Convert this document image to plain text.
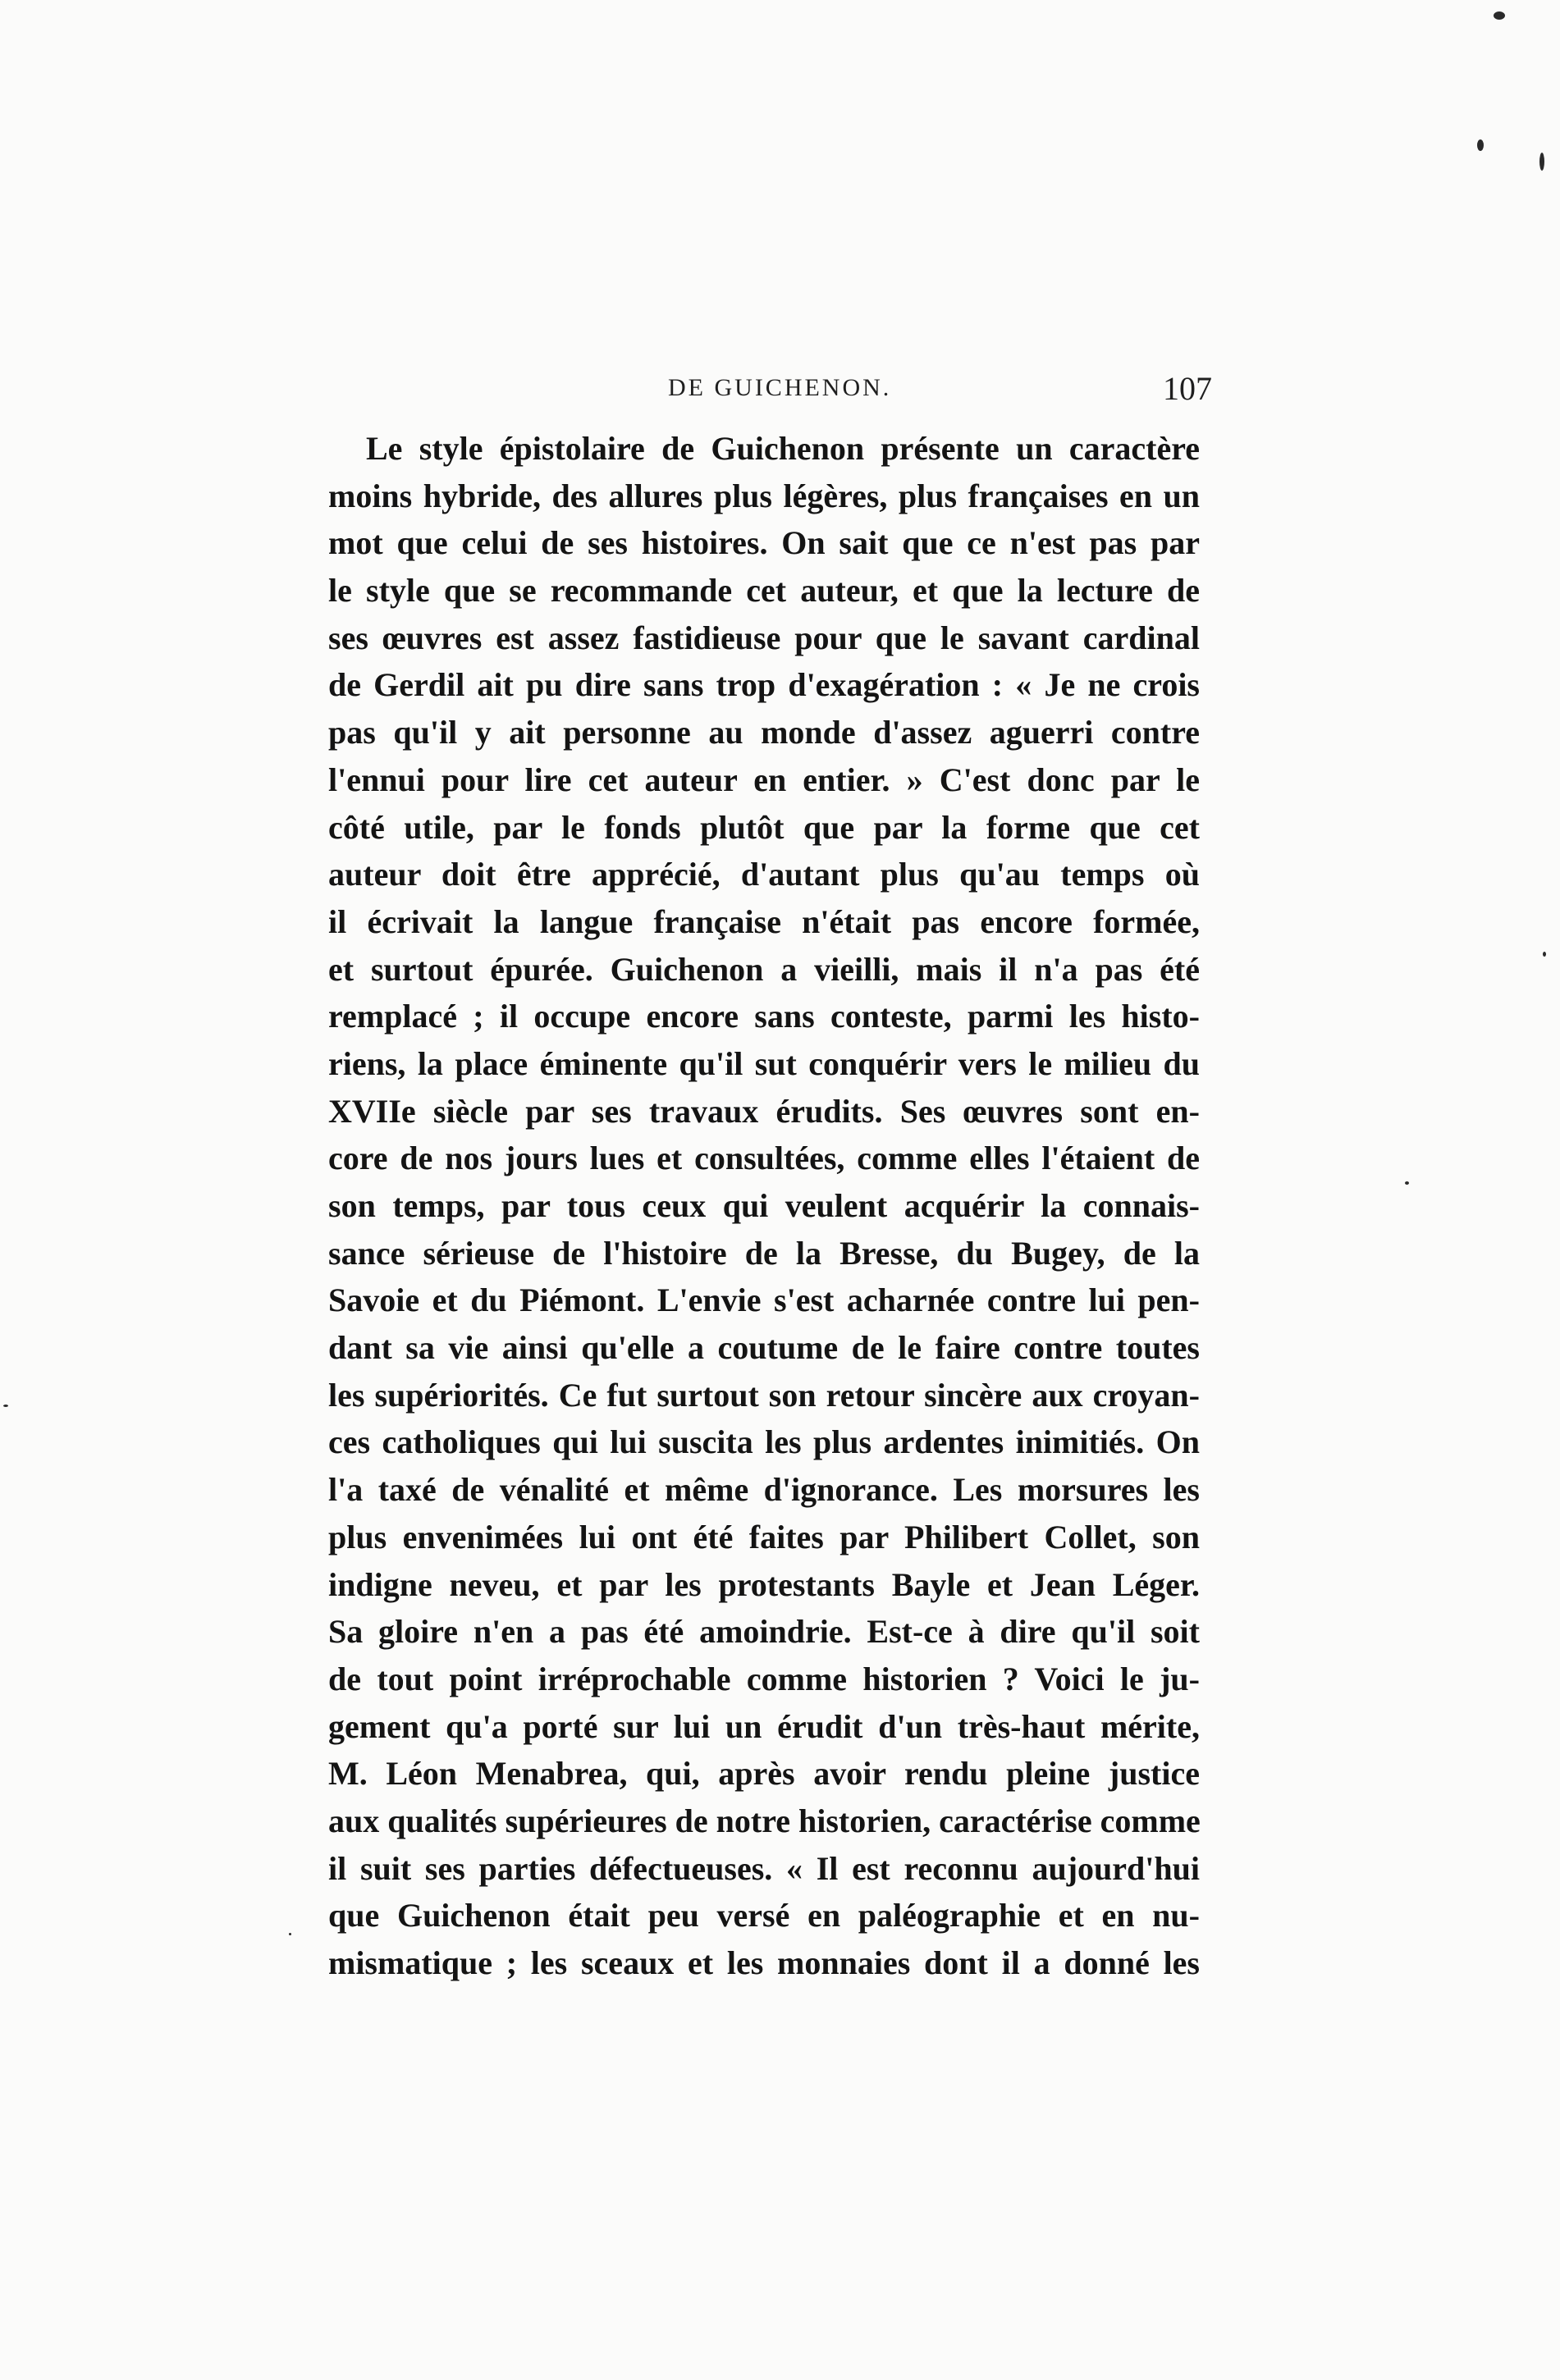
DE GUICHENON.	107
Le style épistolaire de Guichenon présente un caractère
moins hybride, des allures plus légères, plus françaises en un
mot que celui de ses histoires. On sait que ce n'est pas par
le style que se recommande cet auteur, et que la lecture de
ses œuvres est assez fastidieuse pour que le savant cardinal
de Gerdil ait pu dire sans trop d'exagération : « Je ne crois
pas qu'il y ait personne au monde d'assez aguerri contre
l'ennui pour lire cet auteur en entier. » C'est donc par le
côté utile, par le fonds plutôt que par la forme que cet
auteur doit être apprécié, d'autant plus qu'au temps où
il écrivait la langue française n'était pas encore formée,
et surtout épurée. Guichenon a vieilli, mais il n'a pas été
remplacé ; il occupe encore sans conteste, parmi les histo-
riens, la place éminente qu'il sut conquérir vers le milieu du
XVIIe siècle par ses travaux érudits. Ses œuvres sont en-
core de nos jours lues et consultées, comme elles l'étaient de
son temps, par tous ceux qui veulent acquérir la connais-
sance sérieuse de l'histoire de la Bresse, du Bugey, de la
Savoie et du Piémont. L'envie s'est acharnée contre lui pen-
dant sa vie ainsi qu'elle a coutume de le faire contre toutes
les supériorités. Ce fut surtout son retour sincère aux croyan-
ces catholiques qui lui suscita les plus ardentes inimitiés. On
l'a taxé de vénalité et même d'ignorance. Les morsures les
plus envenimées lui ont été faites par Philibert Collet, son
indigne neveu, et par les protestants Bayle et Jean Léger.
Sa gloire n'en a pas été amoindrie. Est-ce à dire qu'il soit
de tout point irréprochable comme historien ? Voici le ju-
gement qu'a porté sur lui un érudit d'un très-haut mérite,
M. Léon Menabrea, qui, après avoir rendu pleine justice
aux qualités supérieures de notre historien, caractérise comme
il suit ses parties défectueuses. « Il est reconnu aujourd'hui
que Guichenon était peu versé en paléographie et en nu-
mismatique ; les sceaux et les monnaies dont il a donné les
